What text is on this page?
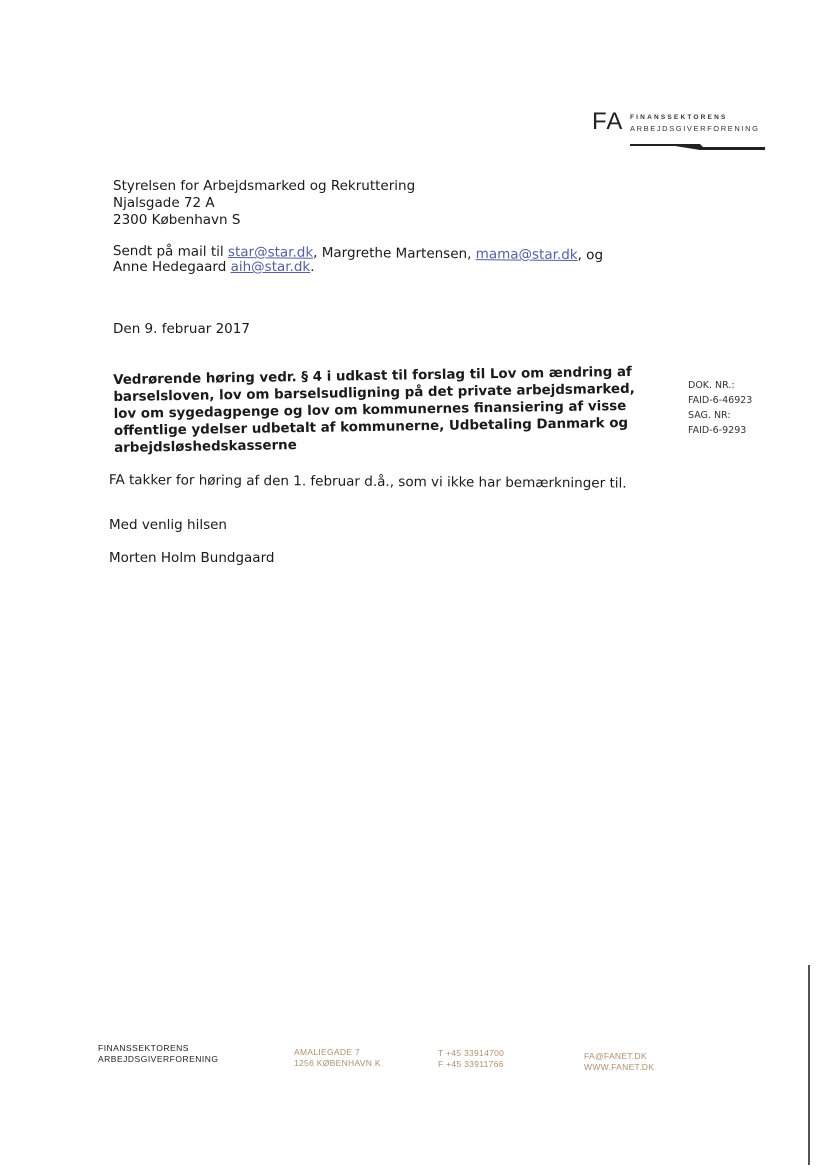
FA FINANSSEKTORENS
ARBEJDSGIVERFORENING
Styrelsen for Arbejdsmarked og Rekruttering
Njalsgade 72 A
2300 København S
Sendt på mail til star@star.dk, Margrethe Martensen, mama@star.dk, og
Anne Hedegaard aih@star.dk.
Den 9. februar 2017
Vedrørende høring vedr. § 4 i udkast til forslag til Lov om ændring af barselsloven, lov om barselsudligning på det private arbejdsmarked, lov om sygedagpenge og lov om kommunernes finansiering af visse offentlige ydelser udbetalt af kommunerne, Udbetaling Danmark og arbejdsløshedskasserne
DOK. NR.:
FAID-6-46923
SAG. NR:
FAID-6-9293
FA takker for høring af den 1. februar d.å., som vi ikke har bemærkninger til.
Med venlig hilsen
Morten Holm Bundgaard
FINANSSEKTORENS
ARBEJDSGIVERFORENING
AMALIEGADE 7
1256 KØBENHAVN K
T +45 33914700
F +45 33911766
FA@FANET.DK
WWW.FANET.DK
